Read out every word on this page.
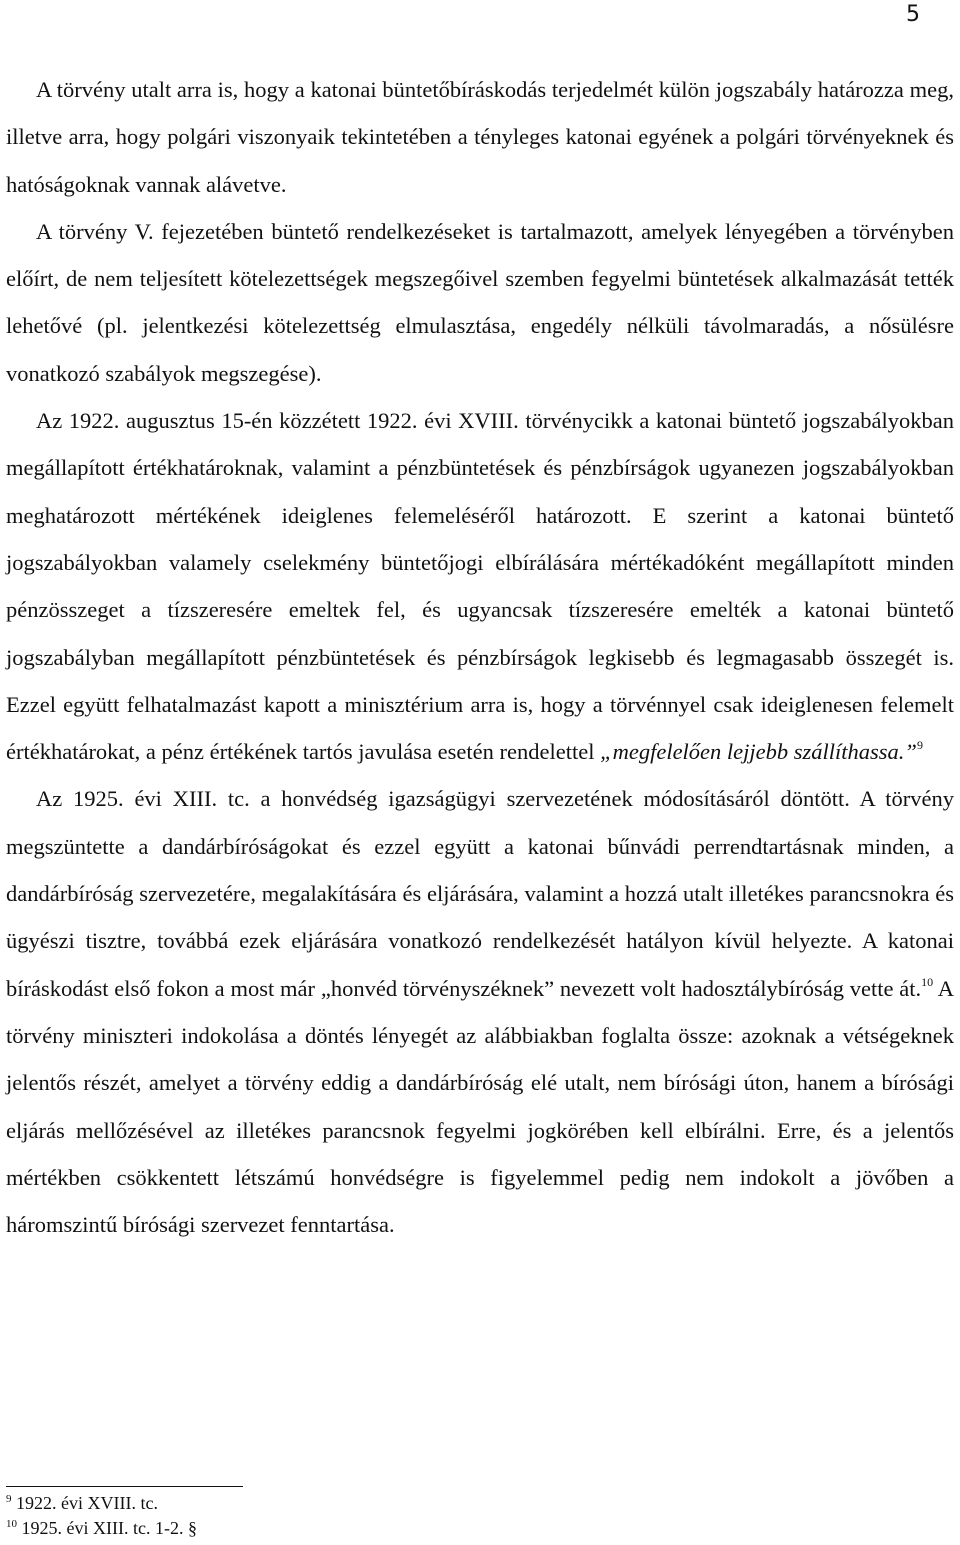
5

A törvény utalt arra is, hogy a katonai büntetőbíráskodás terjedelmét külön jogszabály határozza meg, illetve arra, hogy polgári viszonyaik tekintetében a tényleges katonai egyének a polgári törvényeknek és hatóságoknak vannak alávetve.

A törvény V. fejezetében büntető rendelkezéseket is tartalmazott, amelyek lényegében a törvényben előírt, de nem teljesített kötelezettségek megszegőivel szemben fegyelmi büntetések alkalmazását tették lehetővé (pl. jelentkezési kötelezettség elmulasztása, engedély nélküli távolmaradás, a nősülésre vonatkozó szabályok megszegése).

Az 1922. augusztus 15-én közzétett 1922. évi XVIII. törvénycikk a katonai büntető jogszabályokban megállapított értékhatároknak, valamint a pénzbüntetések és pénzbírságok ugyanezen jogszabályokban meghatározott mértékének ideiglenes felemeléséről határozott. E szerint a katonai büntető jogszabályokban valamely cselekmény büntetőjogi elbírálására mértékadóként megállapított minden pénzösszeget a tízszeresére emeltek fel, és ugyancsak tízszeresére emelték a katonai büntető jogszabályban megállapított pénzbüntetések és pénzbírságok legkisebb és legmagasabb összegét is. Ezzel együtt felhatalmazást kapott a minisztérium arra is, hogy a törvénnyel csak ideiglenesen felemelt értékhatárokat, a pénz értékének tartós javulása esetén rendelettel „megfelelően lejjebb szállíthassa.”$^9$

Az 1925. évi XIII. tc. a honvédség igazságügyi szervezetének módosításáról döntött. A törvény megszüntette a dandárbíróságokat és ezzel együtt a katonai bűnvádi perrendtartásnak minden, a dandárbíróság szervezetére, megalakítására és eljárására, valamint a hozzá utalt illetékes parancsnokra és ügyészi tisztre, továbbá ezek eljárására vonatkozó rendelkezését hatályon kívül helyezte. A katonai bíráskodást első fokon a most már „honvéd törvényszéknek” nevezett volt hadosztálybíróság vette át.$^{10}$ A törvény miniszteri indokolása a döntés lényegét az alábbiakban foglalta össze: azoknak a vétségeknek jelentős részét, amelyet a törvény eddig a dandárbíróság elé utalt, nem bírósági úton, hanem a bírósági eljárás mellőzésével az illetékes parancsnok fegyelmi jogkörében kell elbírálni. Erre, és a jelentős mértékben csökkentett létszámú honvédségre is figyelemmel pedig nem indokolt a jövőben a háromszintű bírósági szervezet fenntartása.

$^9$ 1922. évi XVIII. tc.

$^{10}$ 1925. évi XIII. tc. 1-2. §
